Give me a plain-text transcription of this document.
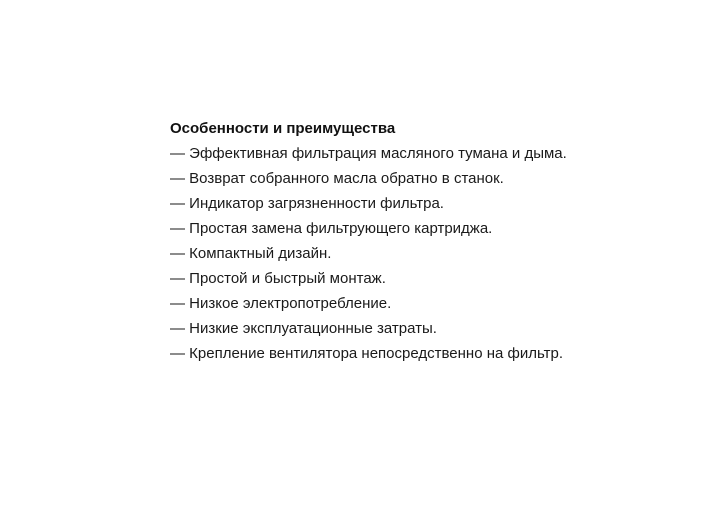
Особенности и преимущества
— Эффективная фильтрация масляного тумана и дыма.
— Возврат собранного масла обратно в станок.
— Индикатор загрязненности фильтра.
— Простая замена фильтрующего картриджа.
— Компактный дизайн.
— Простой и быстрый монтаж.
— Низкое электропотребление.
— Низкие эксплуатационные затраты.
— Крепление вентилятора непосредственно на фильтр.
